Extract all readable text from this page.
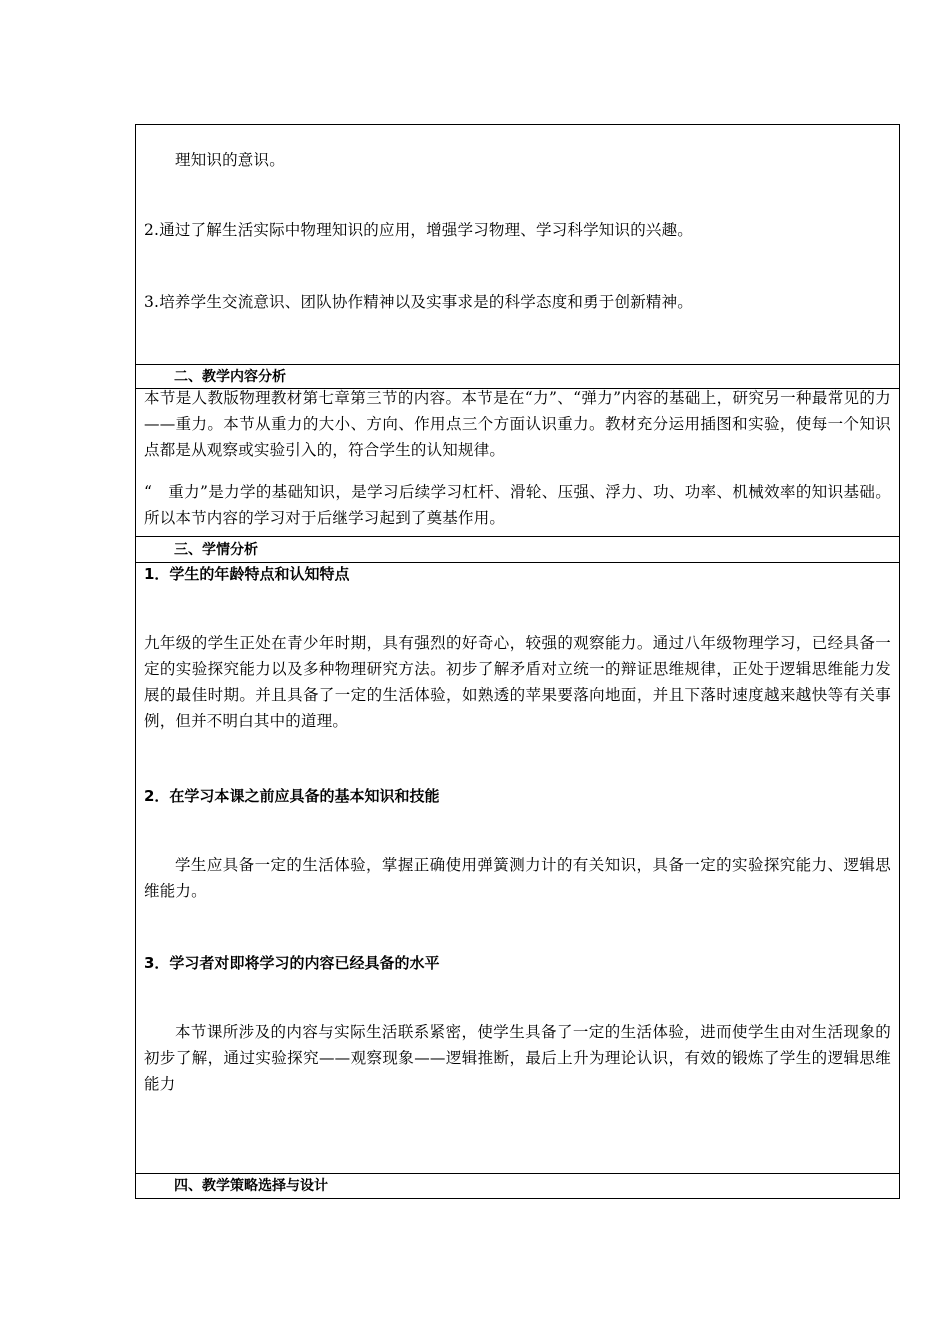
理知识的意识。

2.通过了解生活实际中物理知识的应用，增强学习物理、学习科学知识的兴趣。

3.培养学生交流意识、团队协作精神以及实事求是的科学态度和勇于创新精神。

二、教学内容分析

本节是人教版物理教材第七章第三节的内容。本节是在“力”、“弹力”内容的基础上，研究另一种最常见的力——重力。本节从重力的大小、方向、作用点三个方面认识重力。教材充分运用插图和实验，使每一个知识点都是从观察或实验引入的，符合学生的认知规律。

“　重力”是力学的基础知识，是学习后续学习杠杆、滑轮、压强、浮力、功、功率、机械效率的知识基础。所以本节内容的学习对于后继学习起到了奠基作用。

三、学情分析
1．学生的年龄特点和认知特点

九年级的学生正处在青少年时期，具有强烈的好奇心，较强的观察能力。通过八年级物理学习，已经具备一定的实验探究能力以及多种物理研究方法。初步了解矛盾对立统一的辩证思维规律，正处于逻辑思维能力发展的最佳时期。并且具备了一定的生活体验，如熟透的苹果要落向地面，并且下落时速度越来越快等有关事例，但并不明白其中的道理。

2．在学习本课之前应具备的基本知识和技能

学生应具备一定的生活体验，掌握正确使用弹簧测力计的有关知识，具备一定的实验探究能力、逻辑思维能力。

3．学习者对即将学习的内容已经具备的水平

本节课所涉及的内容与实际生活联系紧密，使学生具备了一定的生活体验，进而使学生由对生活现象的初步了解，通过实验探究——观察现象——逻辑推断，最后上升为理论认识，有效的锻炼了学生的逻辑思维能力

四、教学策略选择与设计
